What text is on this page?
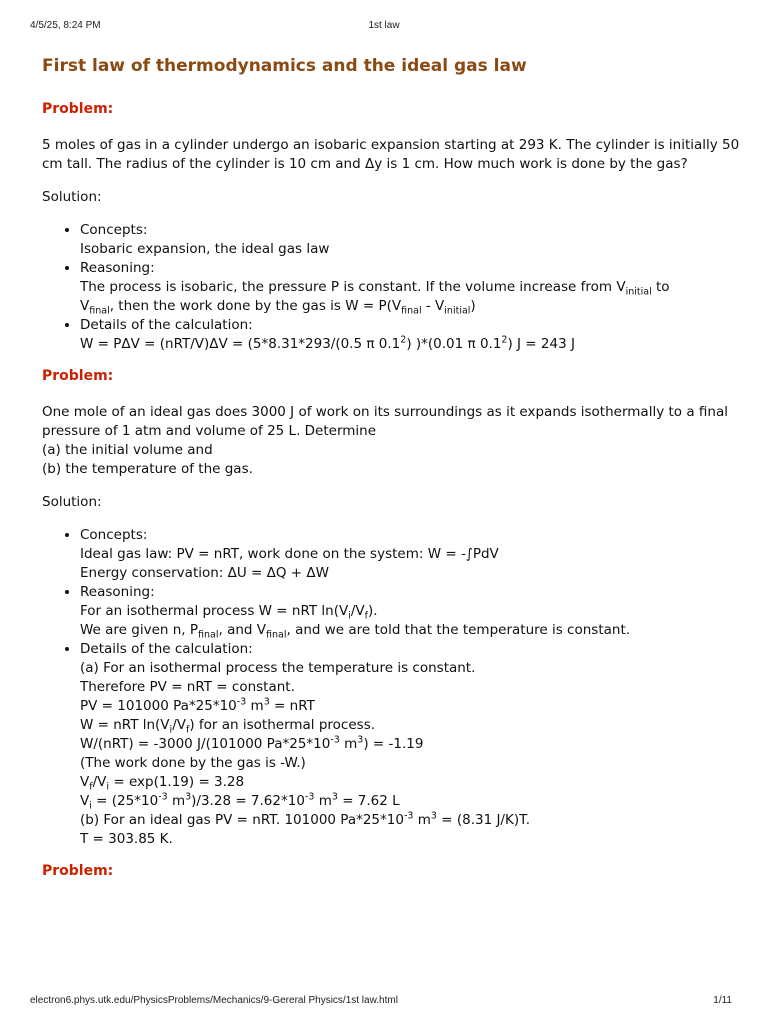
4/5/25, 8:24 PM	1st law
First law of thermodynamics and the ideal gas law
Problem:
5 moles of gas in a cylinder undergo an isobaric expansion starting at 293 K. The cylinder is initially 50 cm tall. The radius of the cylinder is 10 cm and Δy is 1 cm. How much work is done by the gas?
Solution:
• Concepts:
Isobaric expansion, the ideal gas law
• Reasoning:
The process is isobaric, the pressure P is constant. If the volume increase from $V_{initial}$ to
$V_{final}$, then the work done by the gas is $W = P(V_{final} - V_{initial})$
• Details of the calculation:
W = PΔV = (nRT/V)ΔV = (5*8.31*293/(0.5 π $0.1^2$) )*(0.01 π $0.1^2$) J = 243 J
Problem:
One mole of an ideal gas does 3000 J of work on its surroundings as it expands isothermally to a final pressure of 1 atm and volume of 25 L. Determine
(a) the initial volume and
(b) the temperature of the gas.
Solution:
• Concepts:
Ideal gas law: PV = nRT, work done on the system: W = -∫PdV
Energy conservation: ΔU = ΔQ + ΔW
• Reasoning:
For an isothermal process W = nRT $\ln(V_i/V_f)$.
We are given n, $P_{final}$, and $V_{final}$, and we are told that the temperature is constant.
• Details of the calculation:
(a) For an isothermal process the temperature is constant.
Therefore PV = nRT = constant.
PV = 101000 $Pa*25*10^{-3}$ $m^3$ = nRT
W = nRT $\ln(V_i/V_f)$ for an isothermal process.
W/(nRT) = -3000 J/(101000 $Pa*25*10^{-3}$ $m^3) = -1.19$
(The work done by the gas is -W.)
$V_f/V_i = \exp(1.19) = 3.28$
$V_i = (25*10^{-3}$ $m^3)/3.28 = 7.62*10^{-3}$ $m^3 = 7.62$ L
(b) For an ideal gas PV = nRT. 101000 $Pa*25*10^{-3}$ $m^3 = (8.31$ J/K)T.
T = 303.85 K.
Problem:
electron6.phys.utk.edu/PhysicsProblems/Mechanics/9-Gereral Physics/1st law.html	1/11
